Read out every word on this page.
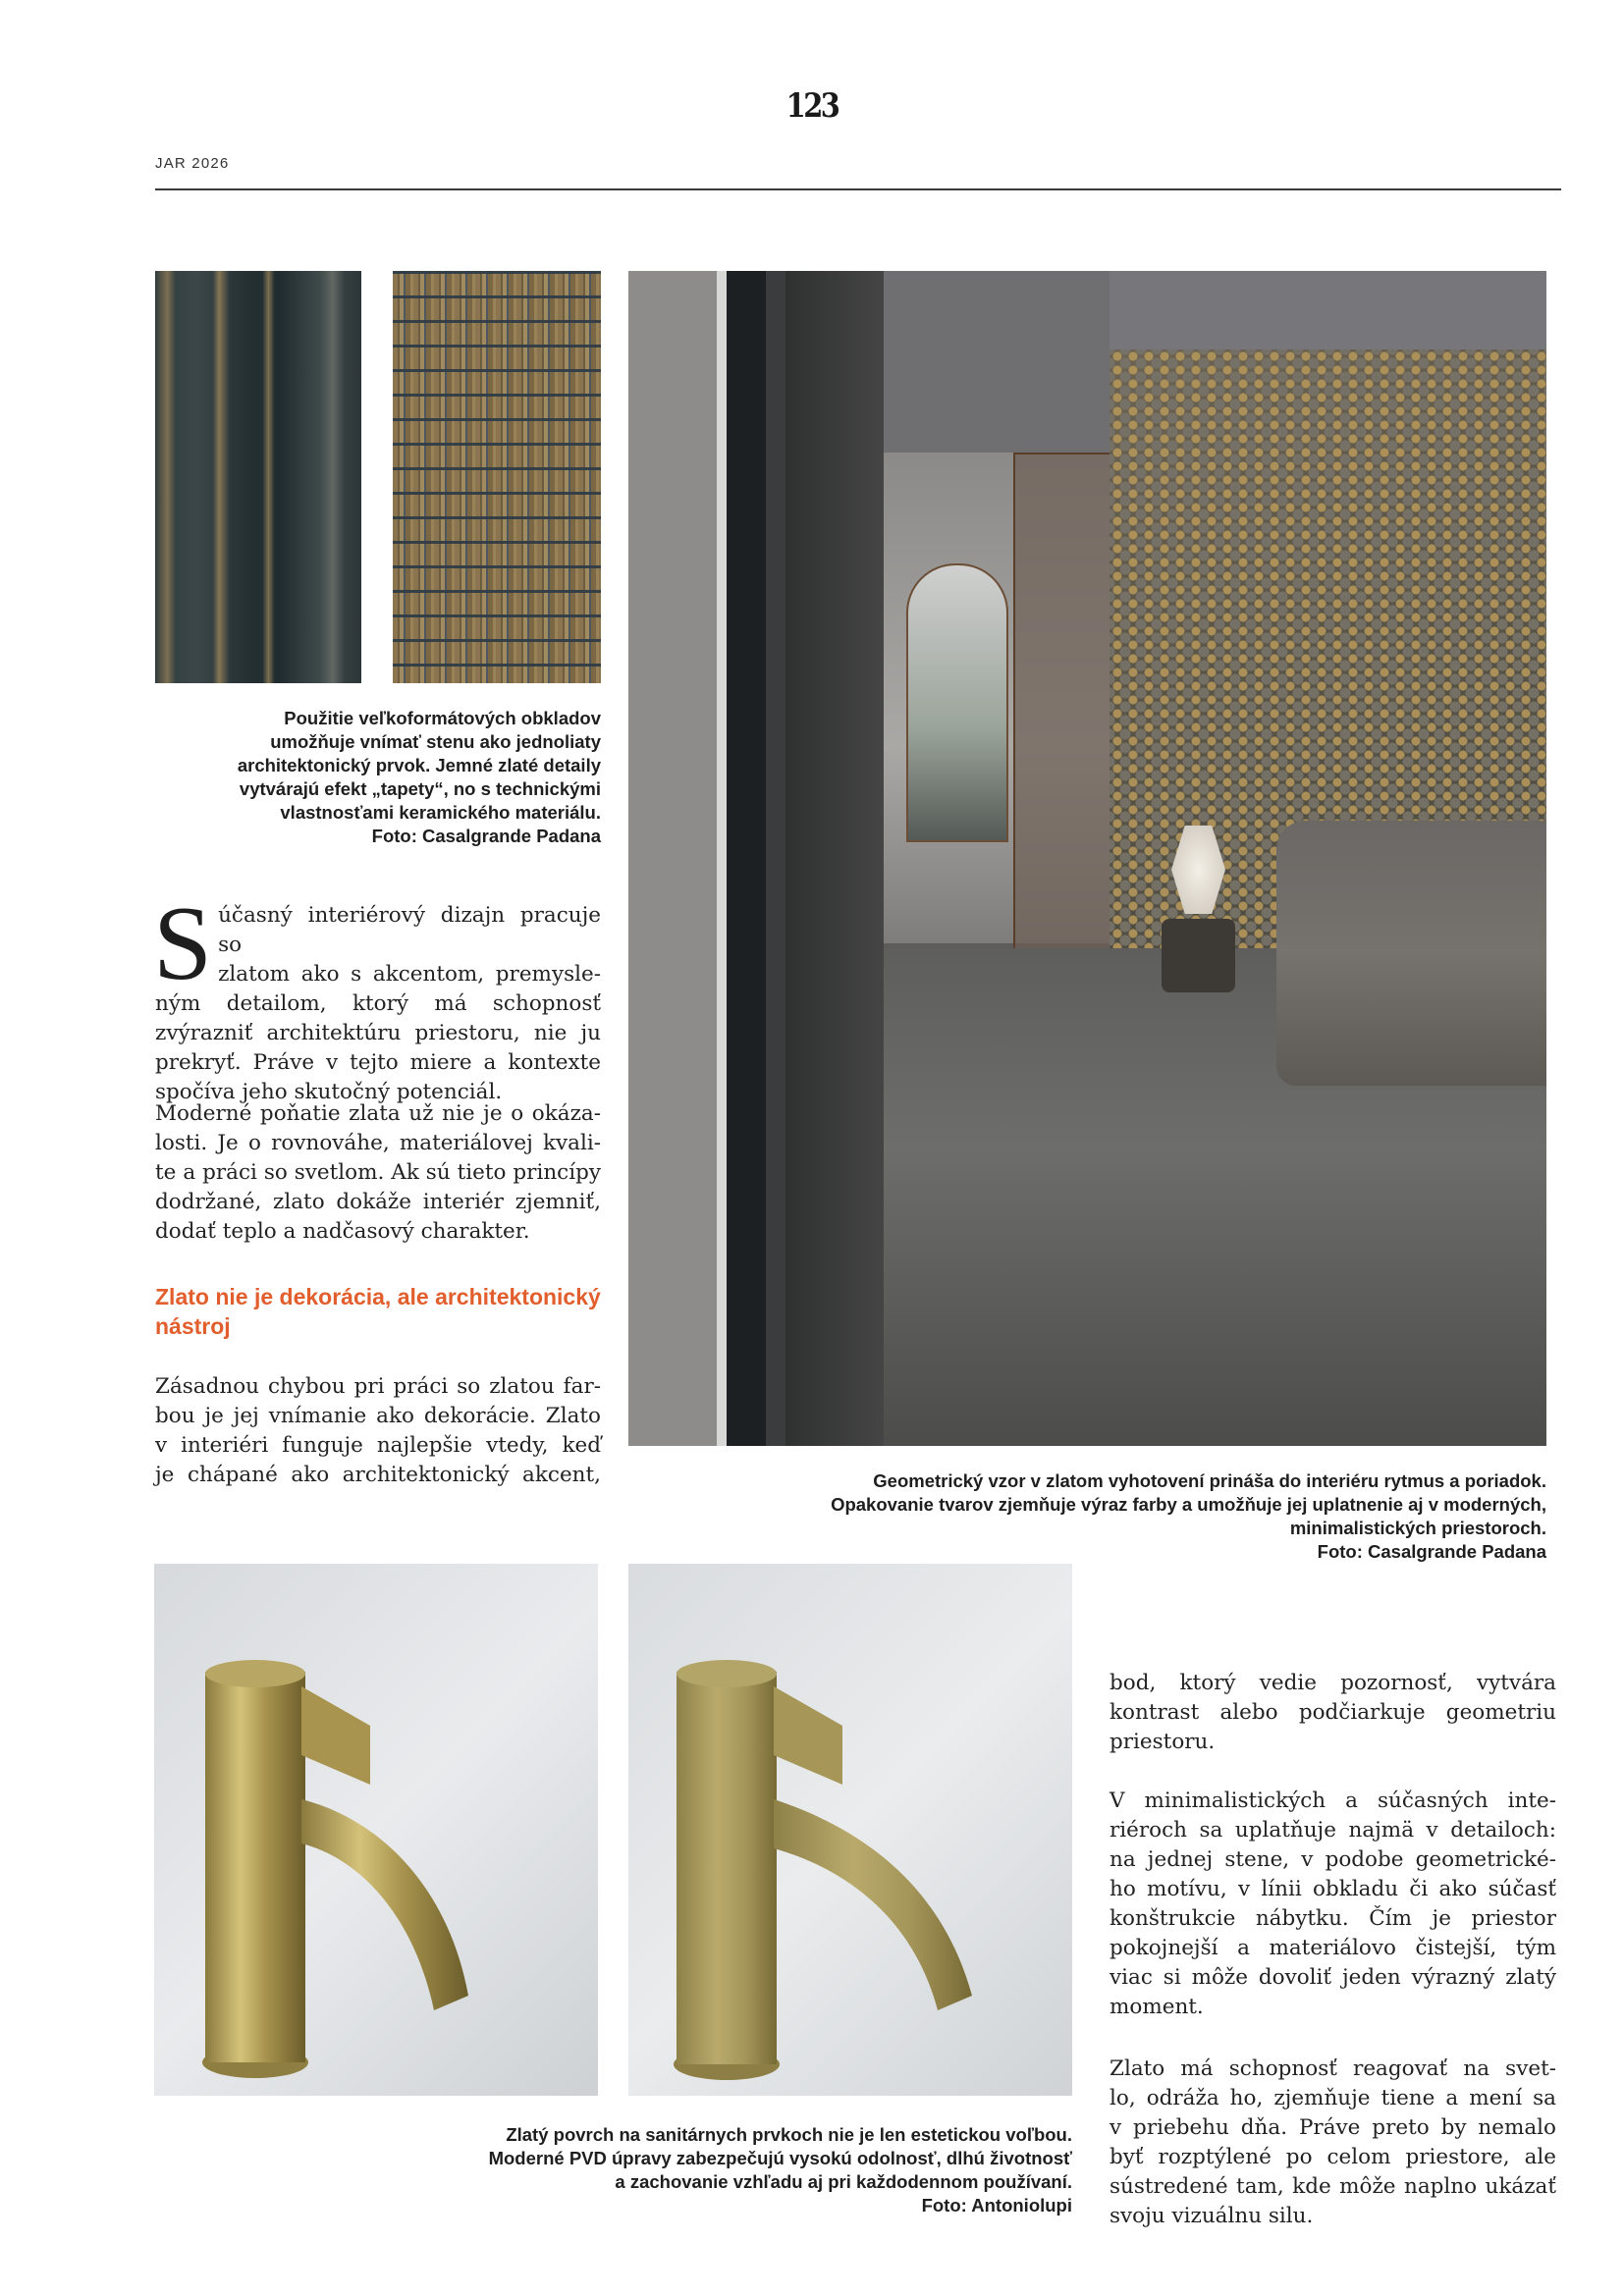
123
JAR 2026
Použitie veľkoformátových obkladov
umožňuje vnímať stenu ako jednoliaty
architektonický prvok. Jemné zlaté detaily
vytvárajú efekt „tapety“, no s technickými
vlastnosťami keramického materiálu.
Foto: Casalgrande Padana
Geometrický vzor v zlatom vyhotovení prináša do interiéru rytmus a poriadok.
Opakovanie tvarov zjemňuje výraz farby a umožňuje jej uplatnenie aj v moderných,
minimalistických priestoroch.
Foto: Casalgrande Padana
Zlatý povrch na sanitárnych prvkoch nie je len estetickou voľbou.
Moderné PVD úpravy zabezpečujú vysokú odolnosť, dlhú životnosť
a zachovanie vzhľadu aj pri každodennom používaní.
Foto: Antoniolupi
S účasný interiérový dizajn pracuje so
zlatom ako s akcentom, premysle-
ným detailom, ktorý má schopnosť
zvýrazniť architektúru priestoru, nie ju
prekryť. Práve v tejto miere a kontexte
spočíva jeho skutočný potenciál.
Moderné poňatie zlata už nie je o okáza-
losti. Je o rovnováhe, materiálovej kvali-
te a práci so svetlom. Ak sú tieto princípy
dodržané, zlato dokáže interiér zjemniť,
dodať teplo a nadčasový charakter.
Zlato nie je dekorácia, ale architektonický nástroj
Zásadnou chybou pri práci so zlatou far-
bou je jej vnímanie ako dekorácie. Zlato
v interiéri funguje najlepšie vtedy, keď
je chápané ako architektonický akcent,
bod, ktorý vedie pozornosť, vytvára
kontrast alebo podčiarkuje geometriu
priestoru.
V minimalistických a súčasných inte-
riéroch sa uplatňuje najmä v detailoch:
na jednej stene, v podobe geometrické-
ho motívu, v línii obkladu či ako súčasť
konštrukcie nábytku. Čím je priestor
pokojnejší a materiálovo čistejší, tým
viac si môže dovoliť jeden výrazný zlatý
moment.
Zlato má schopnosť reagovať na svet-
lo, odráža ho, zjemňuje tiene a mení sa
v priebehu dňa. Práve preto by nemalo
byť rozptýlené po celom priestore, ale
sústredené tam, kde môže naplno ukázať
svoju vizuálnu silu.
